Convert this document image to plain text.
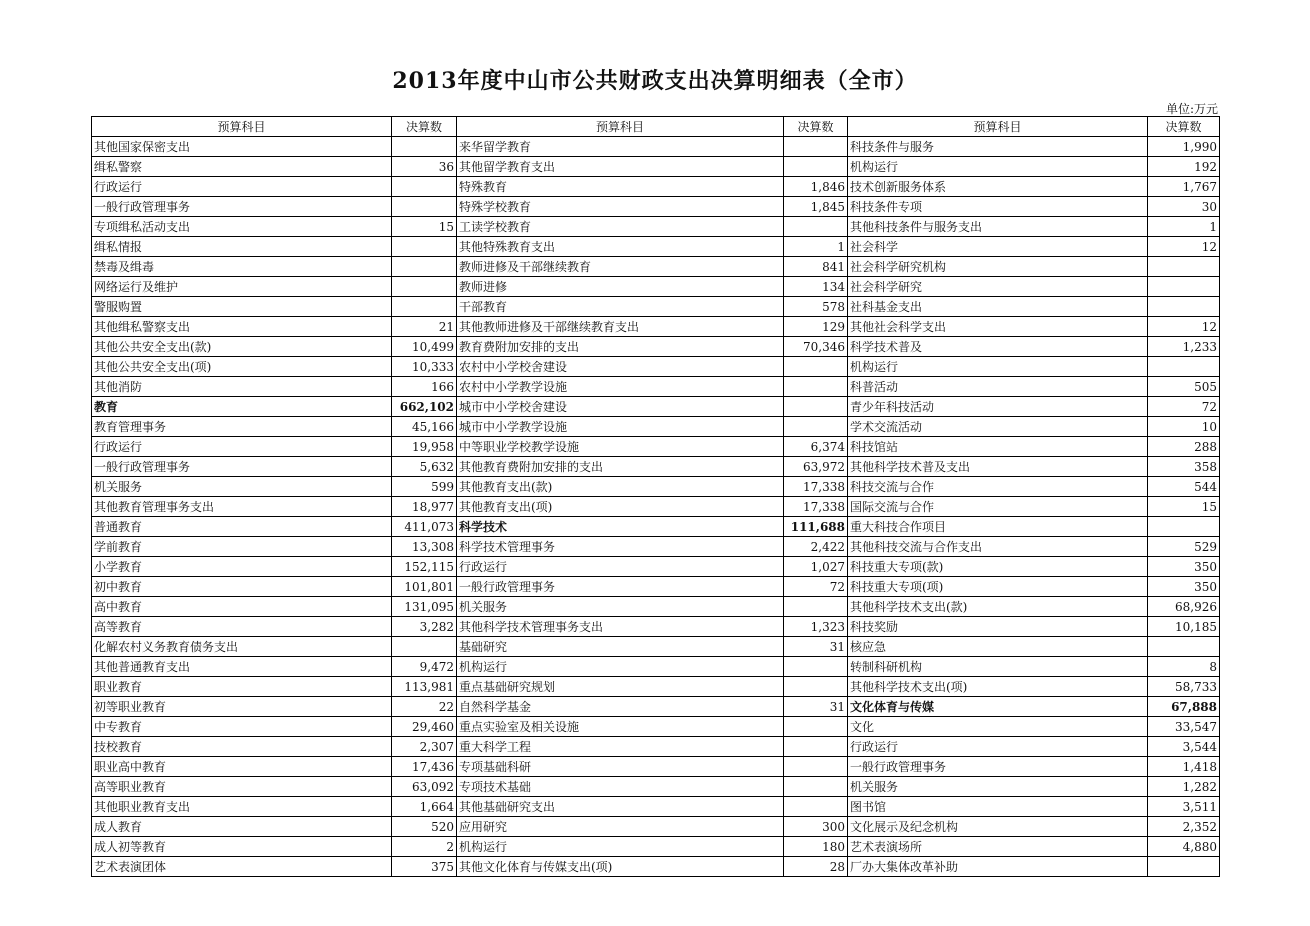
2013年度中山市公共财政支出决算明细表（全市）
单位:万元
预算科目	决算数	预算科目	决算数	预算科目	决算数
其他国家保密支出		来华留学教育		科技条件与服务	1,990
缉私警察	36	其他留学教育支出		机构运行	192
行政运行		特殊教育	1,846	技术创新服务体系	1,767
一般行政管理事务		特殊学校教育	1,845	科技条件专项	30
专项缉私活动支出	15	工读学校教育		其他科技条件与服务支出	1
缉私情报		其他特殊教育支出	1	社会科学	12
禁毒及缉毒		教师进修及干部继续教育	841	社会科学研究机构	
网络运行及维护		教师进修	134	社会科学研究	
警服购置		干部教育	578	社科基金支出	
其他缉私警察支出	21	其他教师进修及干部继续教育支出	129	其他社会科学支出	12
其他公共安全支出(款)	10,499	教育费附加安排的支出	70,346	科学技术普及	1,233
其他公共安全支出(项)	10,333	农村中小学校舍建设		机构运行	
其他消防	166	农村中小学教学设施		科普活动	505
教育	662,102	城市中小学校舍建设		青少年科技活动	72
教育管理事务	45,166	城市中小学教学设施		学术交流活动	10
行政运行	19,958	中等职业学校教学设施	6,374	科技馆站	288
一般行政管理事务	5,632	其他教育费附加安排的支出	63,972	其他科学技术普及支出	358
机关服务	599	其他教育支出(款)	17,338	科技交流与合作	544
其他教育管理事务支出	18,977	其他教育支出(项)	17,338	国际交流与合作	15
普通教育	411,073	科学技术	111,688	重大科技合作项目	
学前教育	13,308	科学技术管理事务	2,422	其他科技交流与合作支出	529
小学教育	152,115	行政运行	1,027	科技重大专项(款)	350
初中教育	101,801	一般行政管理事务	72	科技重大专项(项)	350
高中教育	131,095	机关服务		其他科学技术支出(款)	68,926
高等教育	3,282	其他科学技术管理事务支出	1,323	科技奖励	10,185
化解农村义务教育债务支出		基础研究	31	核应急	
其他普通教育支出	9,472	机构运行		转制科研机构	8
职业教育	113,981	重点基础研究规划		其他科学技术支出(项)	58,733
初等职业教育	22	自然科学基金	31	文化体育与传媒	67,888
中专教育	29,460	重点实验室及相关设施		文化	33,547
技校教育	2,307	重大科学工程		行政运行	3,544
职业高中教育	17,436	专项基础科研		一般行政管理事务	1,418
高等职业教育	63,092	专项技术基础		机关服务	1,282
其他职业教育支出	1,664	其他基础研究支出		图书馆	3,511
成人教育	520	应用研究	300	文化展示及纪念机构	2,352
成人初等教育	2	机构运行	180	艺术表演场所	4,880
艺术表演团体	375	其他文化体育与传媒支出(项)	28	厂办大集体改革补助	
